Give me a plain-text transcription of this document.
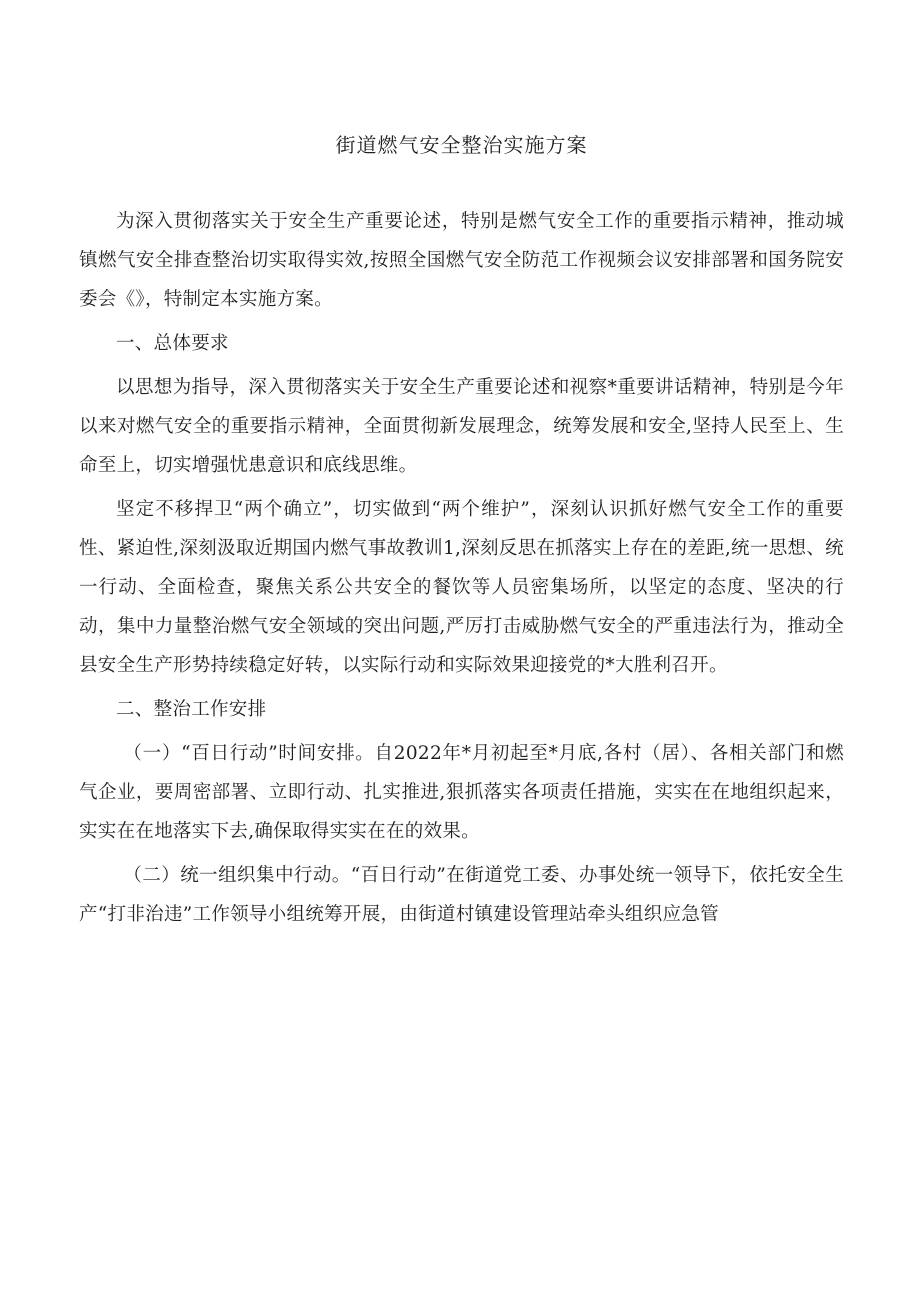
街道燃气安全整治实施方案

为深入贯彻落实关于安全生产重要论述，特别是燃气安全工作的重要指示精神，推动城镇燃气安全排查整治切实取得实效,按照全国燃气安全防范工作视频会议安排部署和国务院安委会《》，特制定本实施方案。

一、总体要求

以思想为指导，深入贯彻落实关于安全生产重要论述和视察*重要讲话精神，特别是今年以来对燃气安全的重要指示精神，全面贯彻新发展理念，统筹发展和安全,坚持人民至上、生命至上，切实增强忧患意识和底线思维。

坚定不移捍卫“两个确立”，切实做到“两个维护”，深刻认识抓好燃气安全工作的重要性、紧迫性,深刻汲取近期国内燃气事故教训1,深刻反思在抓落实上存在的差距,统一思想、统一行动、全面检查，聚焦关系公共安全的餐饮等人员密集场所，以坚定的态度、坚决的行动，集中力量整治燃气安全领域的突出问题,严厉打击威胁燃气安全的严重违法行为，推动全县安全生产形势持续稳定好转，以实际行动和实际效果迎接党的*大胜利召开。

二、整治工作安排

（一）“百日行动”时间安排。自2022年*月初起至*月底,各村（居）、各相关部门和燃气企业，要周密部署、立即行动、扎实推进,狠抓落实各项责任措施，实实在在地组织起来，实实在在地落实下去,确保取得实实在在的效果。

（二）统一组织集中行动。“百日行动”在街道党工委、办事处统一领导下，依托安全生产“打非治违”工作领导小组统筹开展，由街道村镇建设管理站牵头组织应急管
